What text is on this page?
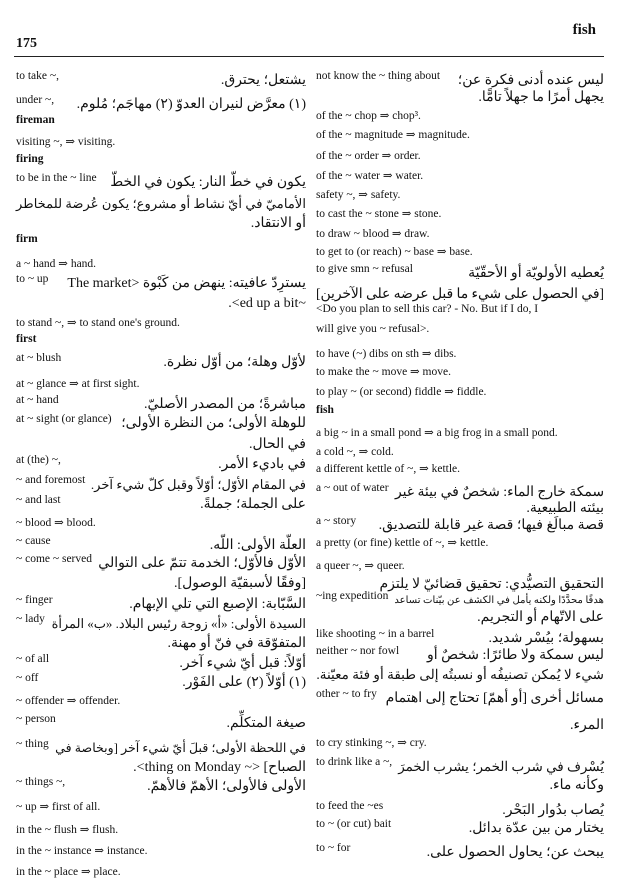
175
fish
to take ~,	يشتعل؛ يحترق.
under ~, (١) معرَّض لنيران العدوّ (٢) مهاجَم؛ مُلوم.
fireman
visiting ~, ⇒ visiting.
firing
to be in the ~ line يكون في خطّ النار: يكون في الخطّ
الأماميّ في أيّ نشاط أو مشروع؛ يكون عُرضة للمخاطر
أو الانتقاد.
firm
a ~ hand ⇒ hand.
to ~ up يسترِدّ عافيته: ينهض من كَبْوة <The market
~ed up a bit>.
to stand ~, ⇒ to stand one's ground.
first
at ~ blush	لأوّل وهلة؛ من أوّل نظرة.
at ~ glance ⇒ at first sight.
at ~ hand	مباشرةً؛ من المصدر الأصليّ.
at ~ sight (or glance) للوهلة الأولى؛ من النظرة الأولى؛
في الحال.
at (the) ~,	في باديء الأمر.
~ and foremost في المقام الأوّل؛ أوّلاً وقبل كلّ شيء آخر.
~ and last	على الجملة؛ جملةً.
~ blood ⇒ blood.
~ cause	العلّة الأولى: اللّه.
~ come ~ served الأوّل فالأوّل؛ الخدمة تتمّ على التوالي
[وفقًا لأسبقيّة الوصول].
~ finger	السَّبّابة: الإصبع التي تلي الإبهام.
~ lady السيدة الأولى: «أ» زوجة رئيس البلاد. «ب» المرأة
المتفوّقة في فنّ أو مهنة.
~ of all	أوّلاً: قبل أيّ شيء آخر.
~ off	(١) أوّلاً (٢) على الفَوْر.
~ offender ⇒ offender.
~ person	صيغة المتكلِّم.
~ thing في اللحظة الأولى؛ قبلَ أيّ شيء آخر [وبخاصة في
الصباح] <~ thing on Monday>.
~ things ~,	الأولى فالأولى؛ الأهمّ فالأهمّ.
~ up ⇒ first of all.
in the ~ flush ⇒ flush.
in the ~ instance ⇒ instance.
in the ~ place ⇒ place.
not know the ~ thing about ليس عنده أدنى فكرة عن؛
يجهل أمرًا ما جهلاً تامًّا.
of the ~ chop ⇒ chop³.
of the ~ magnitude ⇒ magnitude.
of the ~ order ⇒ order.
of the ~ water ⇒ water.
safety ~, ⇒ safety.
to cast the ~ stone ⇒ stone.
to draw ~ blood ⇒ draw.
to get to (or reach) ~ base ⇒ base.
to give smn ~ refusal	يُعطيه الأولويّة أو الأحقّيّة
[في الحصول على شيء ما قبل عرضه على الآخرين]
<Do you plan to sell this car? - No. But if I do, I
will give you ~ refusal>.
to have (~) dibs on sth ⇒ dibs.
to make the ~ move ⇒ move.
to play ~ (or second) fiddle ⇒ fiddle.
fish
a big ~ in a small pond ⇒ a big frog in a small pond.
a cold ~, ⇒ cold.
a different kettle of ~, ⇒ kettle.
a ~ out of water سمكة خارج الماء: شخصٌ في بيئة غير
بيئته الطبيعية.
a ~ story قصة مبالَغ فيها؛ قصة غير قابلة للتصديق.
a pretty (or fine) kettle of ~, ⇒ kettle.
a queer ~, ⇒ queer.
التحقيق التصيُّدي: تحقيق قضائيّ لا يلتزم
~ing expedition هدفًا محدَّدًا ولكنه يأمل في الكشف عن بيّنات تساعد
على الاتّهام أو التجريم.
like shooting ~ in a barrel	بسهولة؛ بيُسْر شديد.
neither ~ nor fowl ليس سمكة ولا طائرًا: شخصٌ أو
شيء لا يُمكن تصنيفُه أو نسبتُه إلى طبقة أو فئة معيّنة.
other ~ to fry مسائل أخرى [أو أهمّ] تحتاج إلى اهتمام
المرء.
to cry stinking ~, ⇒ cry.
to drink like a ~, يُسْرف في شرب الخمر؛ يشرب الخمرَ
وكأنه ماء.
to feed the ~es	يُصاب بدُوار البَحْر.
to ~ (or cut) bait	يختار من بين عدّة بدائل.
to ~ for	يبحث عن؛ يحاول الحصول على.
